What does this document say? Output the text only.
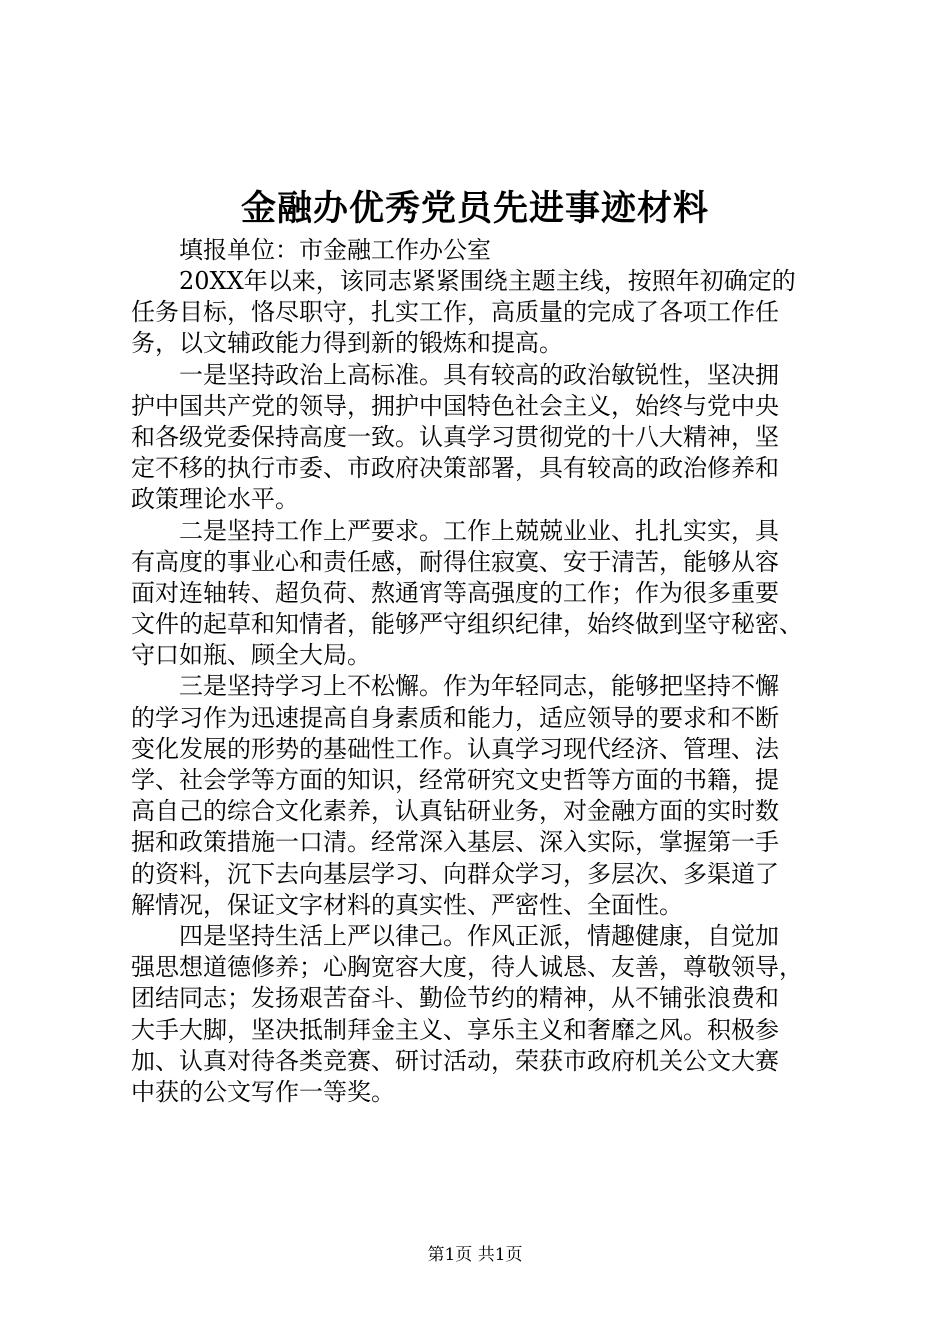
金融办优秀党员先进事迹材料
填报单位：市金融工作办公室
20XX年以来，该同志紧紧围绕主题主线，按照年初确定的
任务目标，恪尽职守，扎实工作，高质量的完成了各项工作任
务，以文辅政能力得到新的锻炼和提高。
一是坚持政治上高标准。具有较高的政治敏锐性，坚决拥
护中国共产党的领导，拥护中国特色社会主义，始终与党中央
和各级党委保持高度一致。认真学习贯彻党的十八大精神，坚
定不移的执行市委、市政府决策部署，具有较高的政治修养和
政策理论水平。
二是坚持工作上严要求。工作上兢兢业业、扎扎实实，具
有高度的事业心和责任感，耐得住寂寞、安于清苦，能够从容
面对连轴转、超负荷、熬通宵等高强度的工作；作为很多重要
文件的起草和知情者，能够严守组织纪律，始终做到坚守秘密、
守口如瓶、顾全大局。
三是坚持学习上不松懈。作为年轻同志，能够把坚持不懈
的学习作为迅速提高自身素质和能力，适应领导的要求和不断
变化发展的形势的基础性工作。认真学习现代经济、管理、法
学、社会学等方面的知识，经常研究文史哲等方面的书籍，提
高自己的综合文化素养，认真钻研业务，对金融方面的实时数
据和政策措施一口清。经常深入基层、深入实际，掌握第一手
的资料，沉下去向基层学习、向群众学习，多层次、多渠道了
解情况，保证文字材料的真实性、严密性、全面性。
四是坚持生活上严以律己。作风正派，情趣健康，自觉加
强思想道德修养；心胸宽容大度，待人诚恳、友善，尊敬领导，
团结同志；发扬艰苦奋斗、勤俭节约的精神，从不铺张浪费和
大手大脚，坚决抵制拜金主义、享乐主义和奢靡之风。积极参
加、认真对待各类竞赛、研讨活动，荣获市政府机关公文大赛
中获的公文写作一等奖。
第1页 共1页
